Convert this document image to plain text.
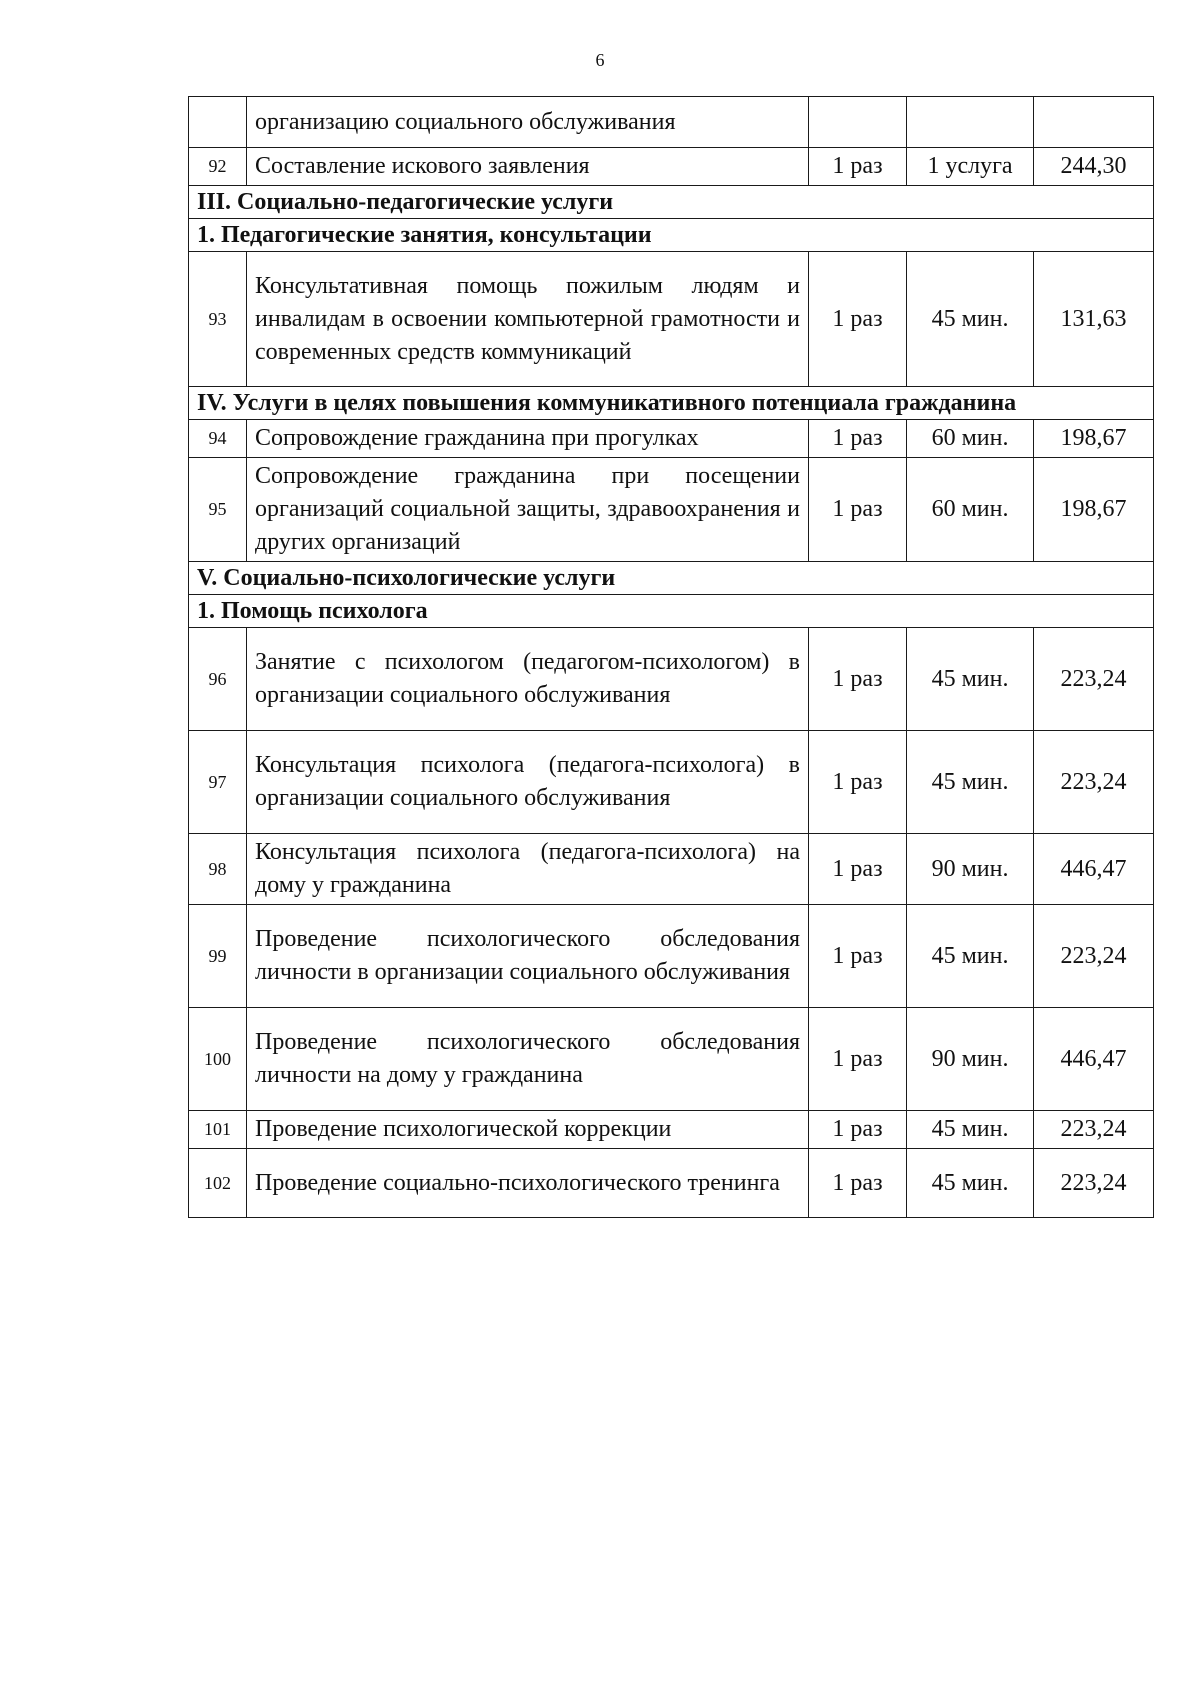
6
	организацию социального обслуживания			
92	Составление искового заявления	1 раз	1 услуга	244,30
III. Социально-педагогические услуги				
1. Педагогические занятия, консультации				
93	Консультативная помощь пожилым людям и инвалидам в освоении компьютерной грамотности и современных средств коммуникаций	1 раз	45 мин.	131,63
IV. Услуги в целях повышения коммуникативного потенциала гражданина				
94	Сопровождение гражданина при прогулках	1 раз	60 мин.	198,67
95	Сопровождение гражданина при посещении организаций социальной защиты, здравоохранения и других организаций	1 раз	60 мин.	198,67
V. Социально-психологические услуги				
1. Помощь психолога				
96	Занятие с психологом (педагогом-психологом) в организации социального обслуживания	1 раз	45 мин.	223,24
97	Консультация психолога (педагога-психолога) в организации социального обслуживания	1 раз	45 мин.	223,24
98	Консультация психолога (педагога-психолога) на дому у гражданина	1 раз	90 мин.	446,47
99	Проведение психологического обследования личности в организации социального обслуживания	1 раз	45 мин.	223,24
100	Проведение психологического обследования личности на дому у гражданина	1 раз	90 мин.	446,47
101	Проведение психологической коррекции	1 раз	45 мин.	223,24
102	Проведение социально-психологического тренинга	1 раз	45 мин.	223,24
